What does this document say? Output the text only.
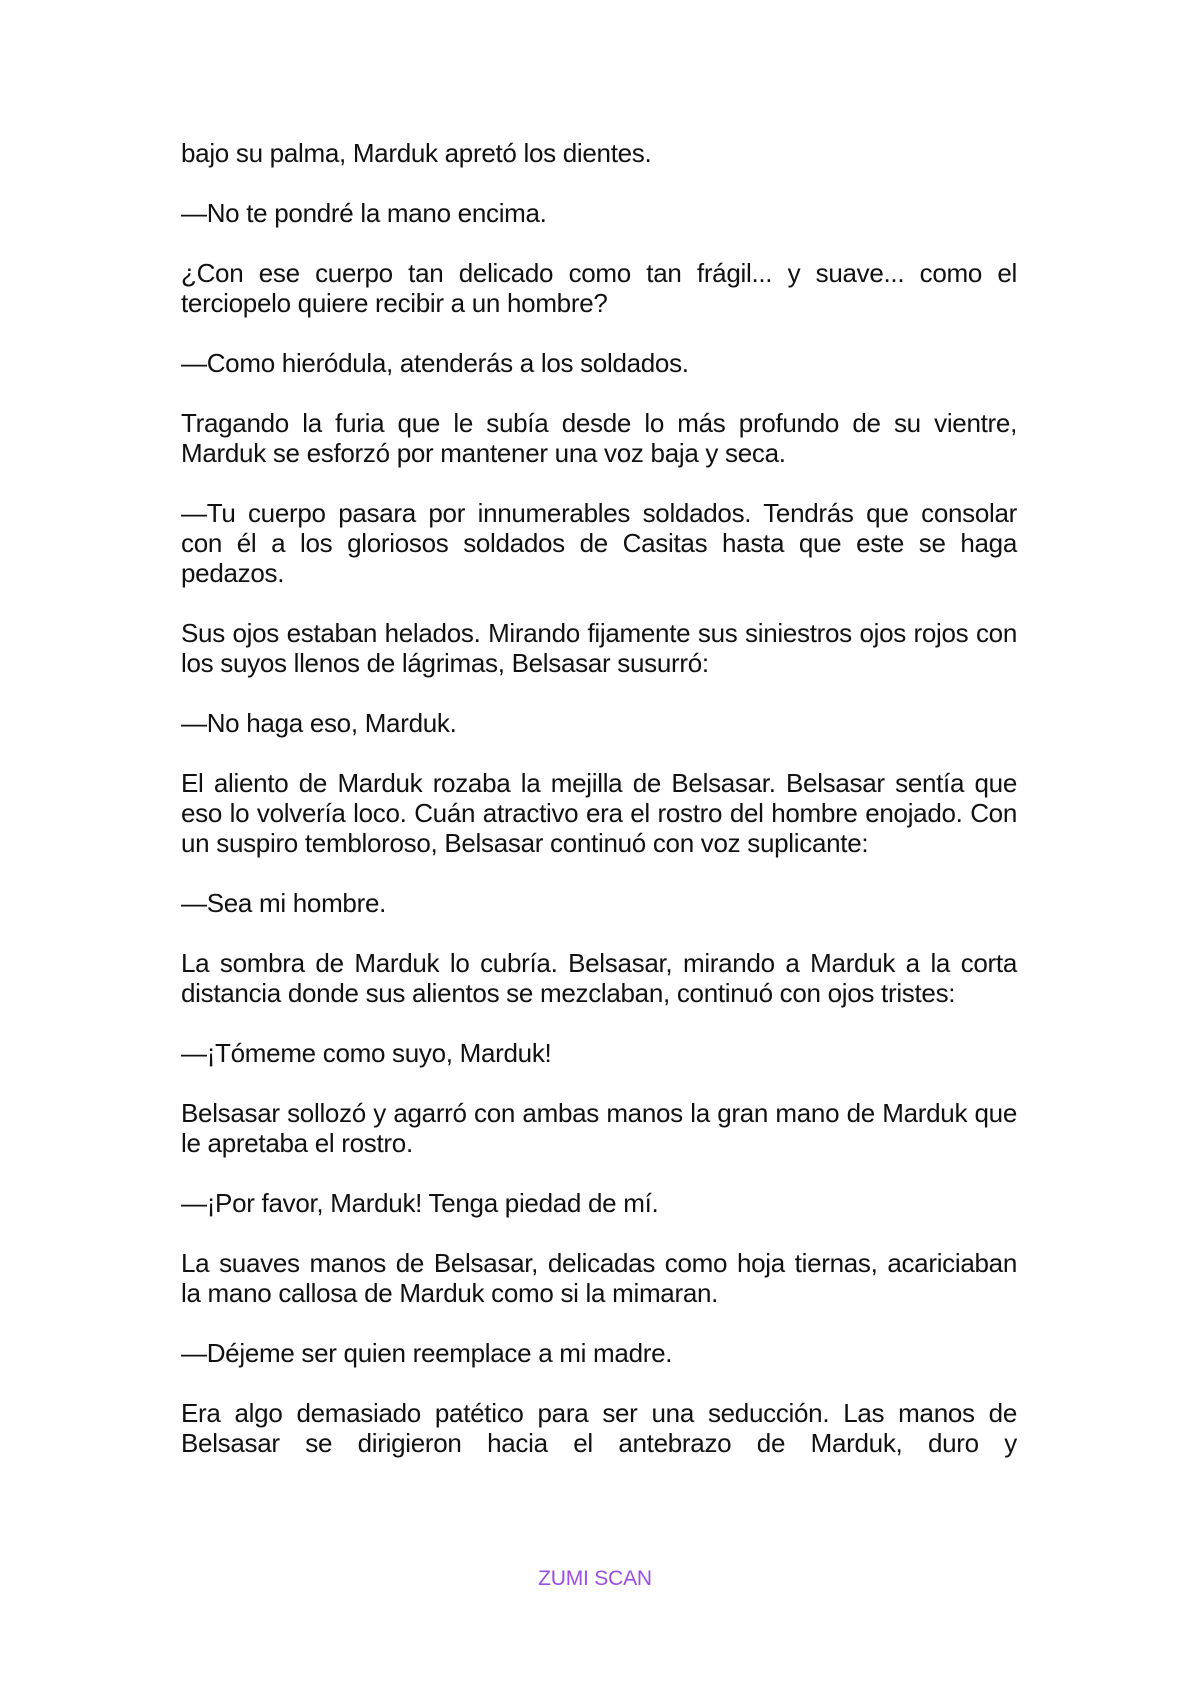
bajo su palma, Marduk apretó los dientes.

—No te pondré la mano encima.

¿Con ese cuerpo tan delicado como tan frágil... y suave... como el terciopelo quiere recibir a un hombre?

—Como hieródula, atenderás a los soldados.

Tragando la furia que le subía desde lo más profundo de su vientre, Marduk se esforzó por mantener una voz baja y seca.

—Tu cuerpo pasara por innumerables soldados. Tendrás que consolar con él a los gloriosos soldados de Casitas hasta que este se haga pedazos.

Sus ojos estaban helados. Mirando fijamente sus siniestros ojos rojos con los suyos llenos de lágrimas, Belsasar susurró:

—No haga eso, Marduk.

El aliento de Marduk rozaba la mejilla de Belsasar. Belsasar sentía que eso lo volvería loco. Cuán atractivo era el rostro del hombre enojado. Con un suspiro tembloroso, Belsasar continuó con voz suplicante:

—Sea mi hombre.

La sombra de Marduk lo cubría. Belsasar, mirando a Marduk a la corta distancia donde sus alientos se mezclaban, continuó con ojos tristes:

—¡Tómeme como suyo, Marduk!

Belsasar sollozó y agarró con ambas manos la gran mano de Marduk que le apretaba el rostro.

—¡Por favor, Marduk! Tenga piedad de mí.

La suaves manos de Belsasar, delicadas como hoja tiernas, acariciaban la mano callosa de Marduk como si la mimaran.

—Déjeme ser quien reemplace a mi madre.

Era algo demasiado patético para ser una seducción. Las manos de Belsasar se dirigieron hacia el antebrazo de Marduk, duro y

ZUMI SCAN
